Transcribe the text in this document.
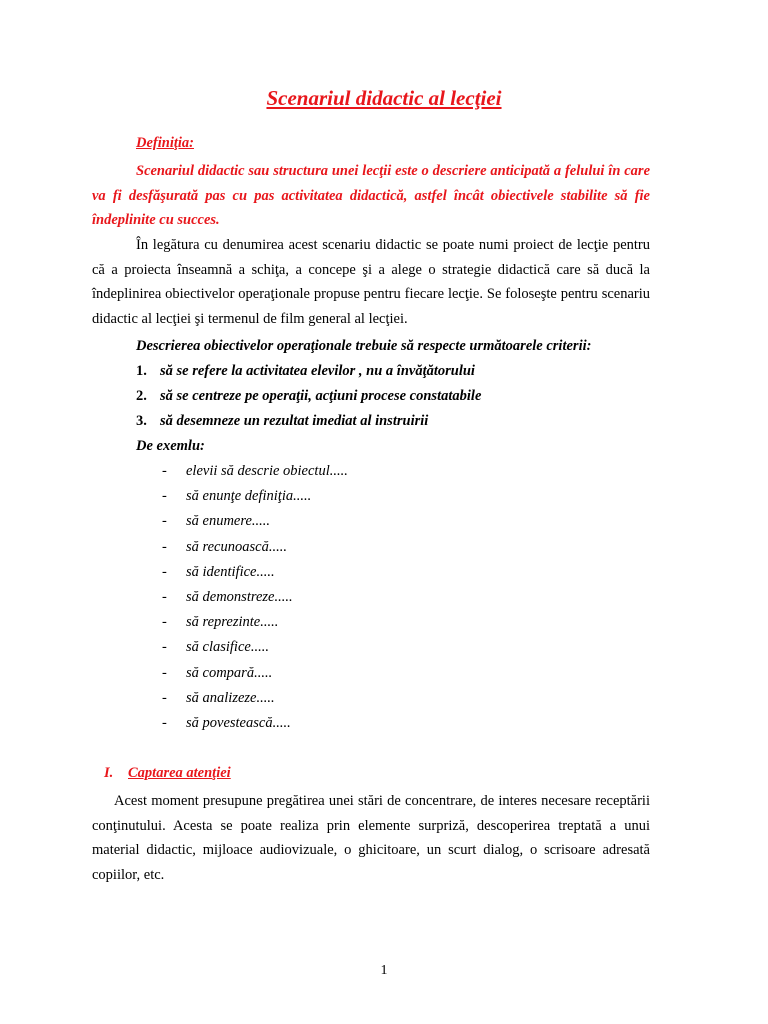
Scenariul didactic al lecţiei
Definiţia:

Scenariul didactic sau structura unei lecţii este o descriere anticipată a felului în care va fi desfăşurată pas cu pas activitatea didactică, astfel încât obiectivele stabilite să fie îndeplinite cu succes.

În legătura cu denumirea acest scenariu didactic se poate numi proiect de lecţie pentru că a proiecta înseamnă a schiţa, a concepe şi a alege o strategie didactică care să ducă la îndeplinirea obiectivelor operaţionale propuse pentru fiecare lecţie. Se foloseşte pentru scenariu didactic al lecţiei şi termenul de film general al lecţiei.

Descrierea obiectivelor operaţionale trebuie să respecte următoarele criterii:
1. să se refere la activitatea elevilor , nu a învăţătorului
2. să se centreze pe operaţii, acţiuni procese constatabile
3. să desemneze un rezultat imediat al instruirii
De exemlu:
-	elevii să descrie obiectul.....
-	să enunţe definiţia.....
-	să enumere.....
-	să recunoască.....
-	să identifice.....
-	să demonstreze.....
-	să reprezinte.....
-	să clasifice.....
-	să compară.....
-	să analizeze.....
-	să povestească.....
I.	Captarea atenţiei

Acest moment presupune pregătirea unei stări de concentrare, de interes necesare receptării conţinutului. Acesta se poate realiza prin elemente surpriză, descoperirea treptată a unui material didactic, mijloace audiovizuale, o ghicitoare, un scurt dialog, o scrisoare adresată copiilor, etc.

1
